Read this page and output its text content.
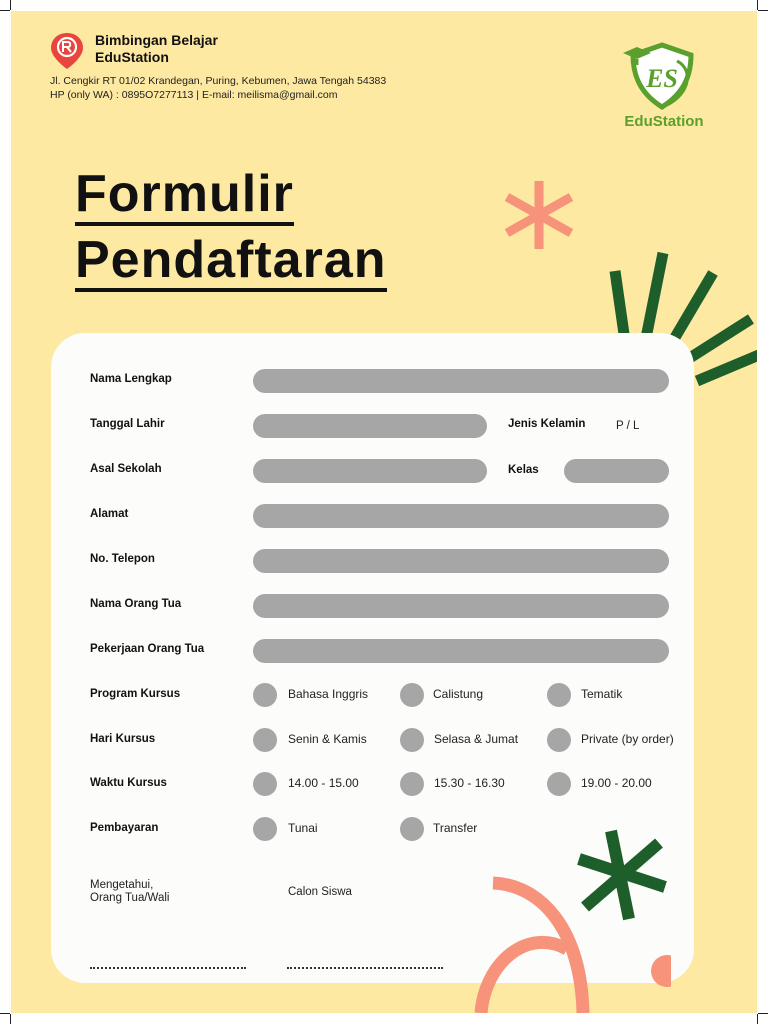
Bimbingan Belajar
EduStation
Jl. Cengkir RT 01/02 Krandegan, Puring, Kebumen, Jawa Tengah 54383
HP (only WA) : 0895O7277113 | E-mail: meilisma@gmail.com
ES
EduStation
Formulir
Pendaftaran
Nama Lengkap
Tanggal Lahir	Jenis Kelamin	P / L
Asal Sekolah	Kelas
Alamat
No. Telepon
Nama Orang Tua
Pekerjaan Orang Tua
Program Kursus	Bahasa Inggris	Calistung	Tematik
Hari Kursus	Senin & Kamis	Selasa & Jumat	Private (by order)
Waktu Kursus	14.00 - 15.00	15.30 - 16.30	19.00 - 20.00
Pembayaran	Tunai	Transfer
Mengetahui,
Orang Tua/Wali	Calon Siswa
